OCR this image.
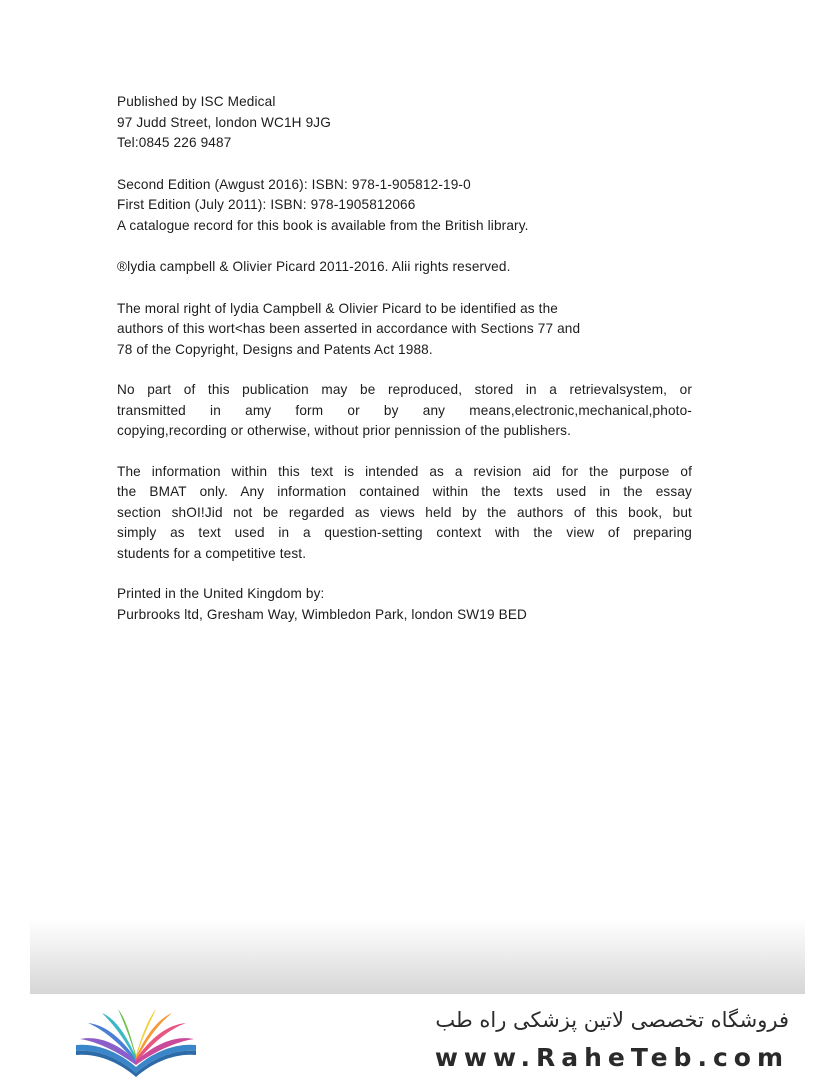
Published by ISC Medical
97 Judd Street, london WC1H 9JG
Tel:0845 226 9487
Second Edition (Awgust 2016): ISBN: 978-1-905812-19-0
First Edition (July 2011): ISBN: 978-1905812066
A catalogue record for this book is available from the British library.
®lydia campbell & Olivier Picard 2011-2016. Alii rights reserved.
The moral right of lydia Campbell & Olivier Picard to be identified as the
authors of this wort<has been asserted in accordance with Sections 77 and
78 of the Copyright, Designs and Patents Act 1988.
No part of this publication may be reproduced, stored in a retrievalsystem, or
transmitted in amy form or by any means,electronic,mechanical,photo-
copying,recording or otherwise, without prior pennission of the publishers.
The information within this text is intended as a revision aid for the purpose of
the BMAT only. Any information contained within the texts used in the essay
section shOI!Jid not be regarded as views held by the authors of this book, but
simply as text used in a question-setting context with the view of preparing
students for a competitive test.
Printed in the United Kingdom by:
Purbrooks ltd, Gresham Way, Wimbledon Park, london SW19 BED
فروشگاه تخصصی لاتین پزشکی راه طب
www.RaheTeb.com
